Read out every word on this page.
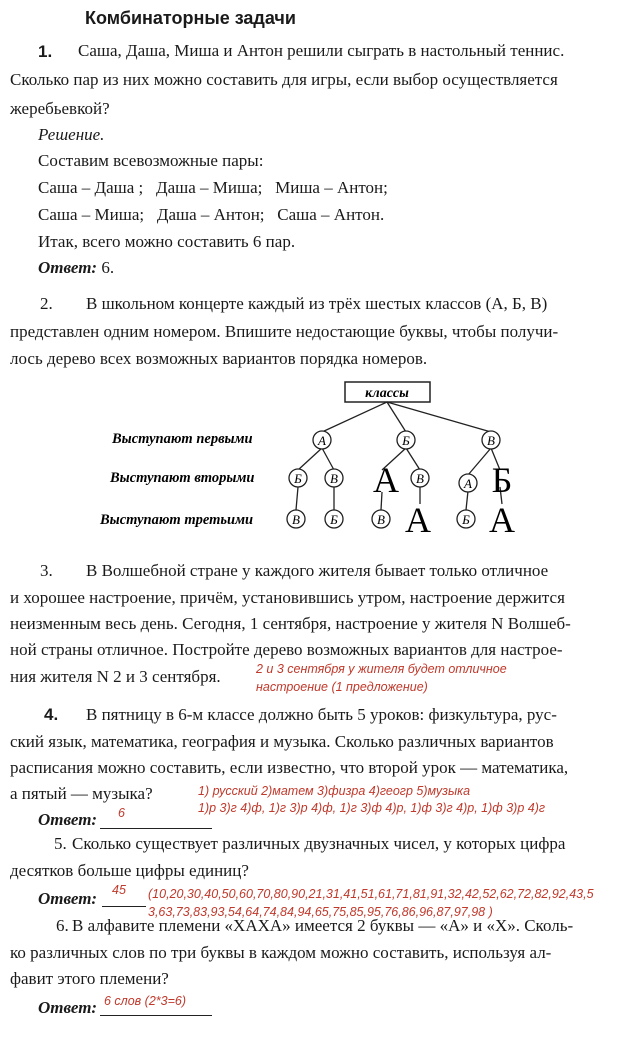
Комбинаторные задачи
1. Саша, Даша, Миша и Антон решили сыграть в настольный теннис.
Сколько пар из них можно составить для игры, если выбор осуществляется
жеребьевкой?
Решение.
Составим всевозможные пары:
Саша – Даша ;   Даша – Миша;   Миша – Антон;
Саша – Миша;   Даша – Антон;   Саша – Антон.
Итак, всего можно составить 6 пар.
Ответ: 6.
2. В школьном концерте каждый из трёх шестых классов (А, Б, В)
представлен одним номером. Впишите недостающие буквы, чтобы получи-
лось дерево всех возможных вариантов порядка номеров.
классы
Выступают первыми
Выступают вторыми
Выступают третьими
А	Б	В
Б В	В	А
В Б	В	Б
А
А
Б
А
3. В Волшебной стране у каждого жителя бывает только отличное
и хорошее настроение, причём, установившись утром, настроение держится
неизменным весь день. Сегодня, 1 сентября, настроение у жителя N Волшеб-
ной страны отличное. Постройте дерево возможных вариантов для настрое-
ния жителя N 2 и 3 сентября.	2 и 3 сентября у жителя будет отличное
настроение (1 предложение)
4. В пятницу в 6-м классе должно быть 5 уроков: физкультура, рус-
ский язык, математика, география и музыка. Сколько различных вариантов
расписания можно составить, если известно, что второй урок — математика,
а пятый — музыка?	1) русский 2)матем 3)физра 4)геогр 5)музыка
1)р 3)г 4)ф, 1)г 3)р 4)ф, 1)г 3)ф 4)р, 1)ф 3)г 4)р, 1)ф 3)р 4)г
Ответ: 6
5. Сколько существует различных двузначных чисел, у которых цифра
десятков больше цифры единиц?
Ответ: 45 (10,20,30,40,50,60,70,80,90,21,31,41,51,61,71,81,91,32,42,52,62,72,82,92,43,5
3,63,73,83,93,54,64,74,84,94,65,75,85,95,76,86,96,87,97,98 )
6. В алфавите племени «ХАХА» имеется 2 буквы — «А» и «Х». Сколь-
ко различных слов по три буквы в каждом можно составить, используя ал-
фавит этого племени?
Ответ: 6 слов (2*3=6)
